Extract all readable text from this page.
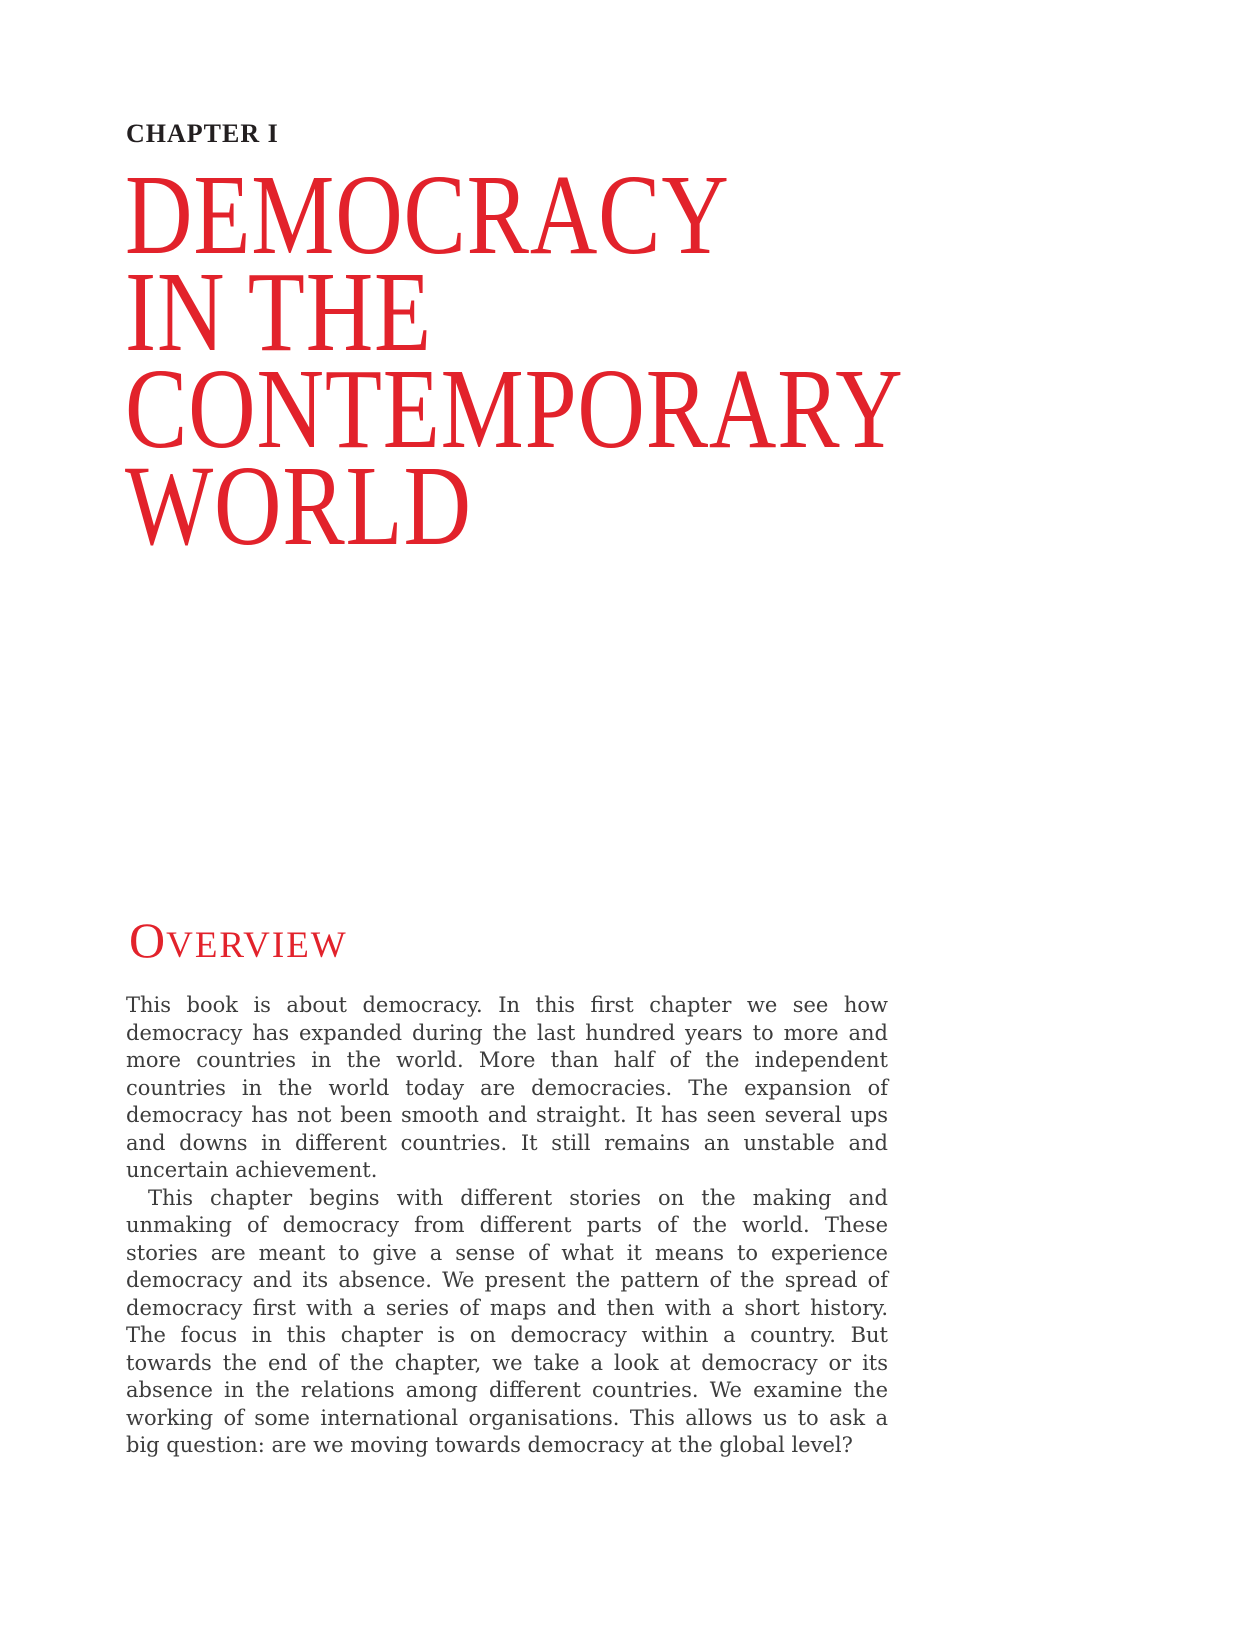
CHAPTER I
DEMOCRACY
IN THE
CONTEMPORARY
WORLD
OVERVIEW

This book is about democracy. In this first chapter we see how democracy has expanded during the last hundred years to more and more countries in the world. More than half of the independent countries in the world today are democracies. The expansion of democracy has not been smooth and straight. It has seen several ups and downs in different countries. It still remains an unstable and uncertain achievement.

This chapter begins with different stories on the making and unmaking of democracy from different parts of the world. These stories are meant to give a sense of what it means to experience democracy and its absence. We present the pattern of the spread of democracy first with a series of maps and then with a short history. The focus in this chapter is on democracy within a country. But towards the end of the chapter, we take a look at democracy or its absence in the relations among different countries. We examine the working of some international organisations. This allows us to ask a big question: are we moving towards democracy at the global level?
